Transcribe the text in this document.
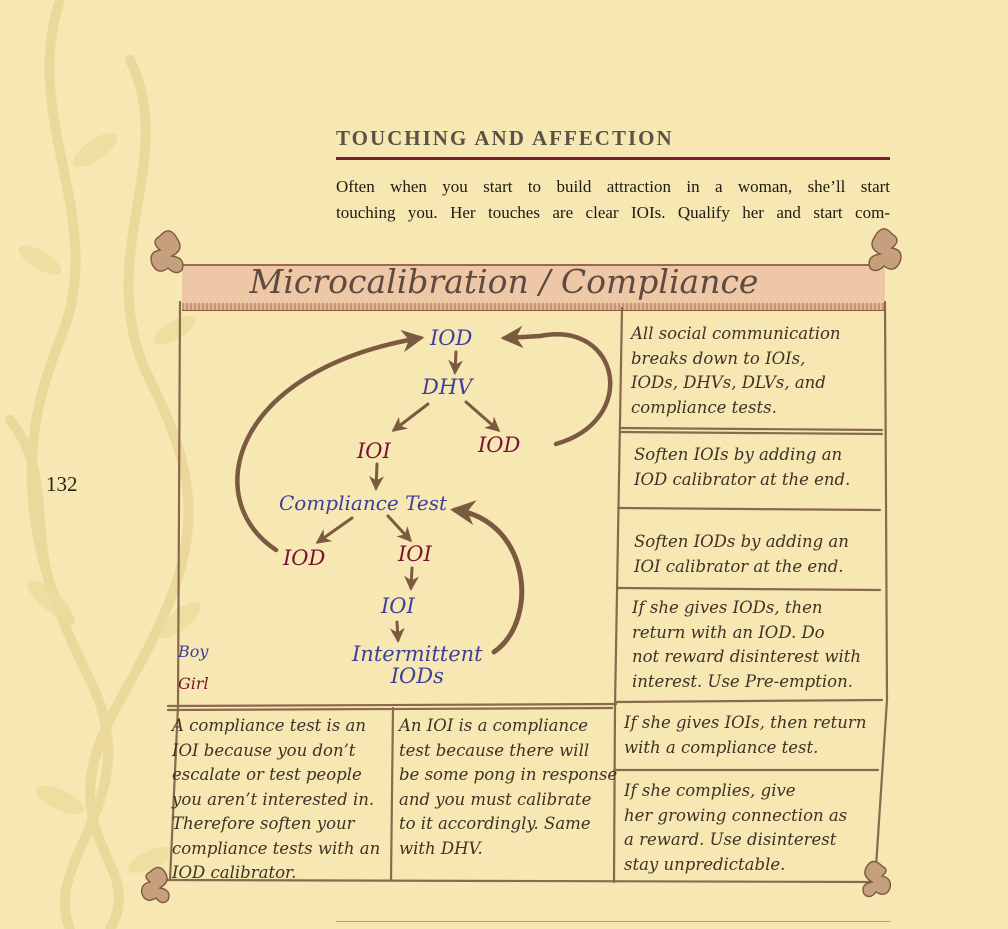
132
TOUCHING AND AFFECTION
Often when you start to build attraction in a woman, she’ll start
touching you. Her touches are clear IOIs. Qualify her and start com-
Microcalibration / Compliance
IOD
DHV
IOI	IOD
Compliance Test
IOD	IOI
IOI
Intermittent
IODs
Boy
Girl
All social communication
breaks down to IOIs,
IODs, DHVs, DLVs, and
compliance tests.
Soften IOIs by adding an
IOD calibrator at the end.
Soften IODs by adding an
IOI calibrator at the end.
If she gives IODs, then
return with an IOD. Do
not reward disinterest with
interest. Use Pre-emption.
If she gives IOIs, then return
with a compliance test.
If she complies, give
her growing connection as
a reward. Use disinterest
stay unpredictable.
A compliance test is an
IOI because you don’t
escalate or test people
you aren’t interested in.
Therefore soften your
compliance tests with an
IOD calibrator.
An IOI is a compliance
test because there will
be some pong in response
and you must calibrate
to it accordingly. Same
with DHV.
